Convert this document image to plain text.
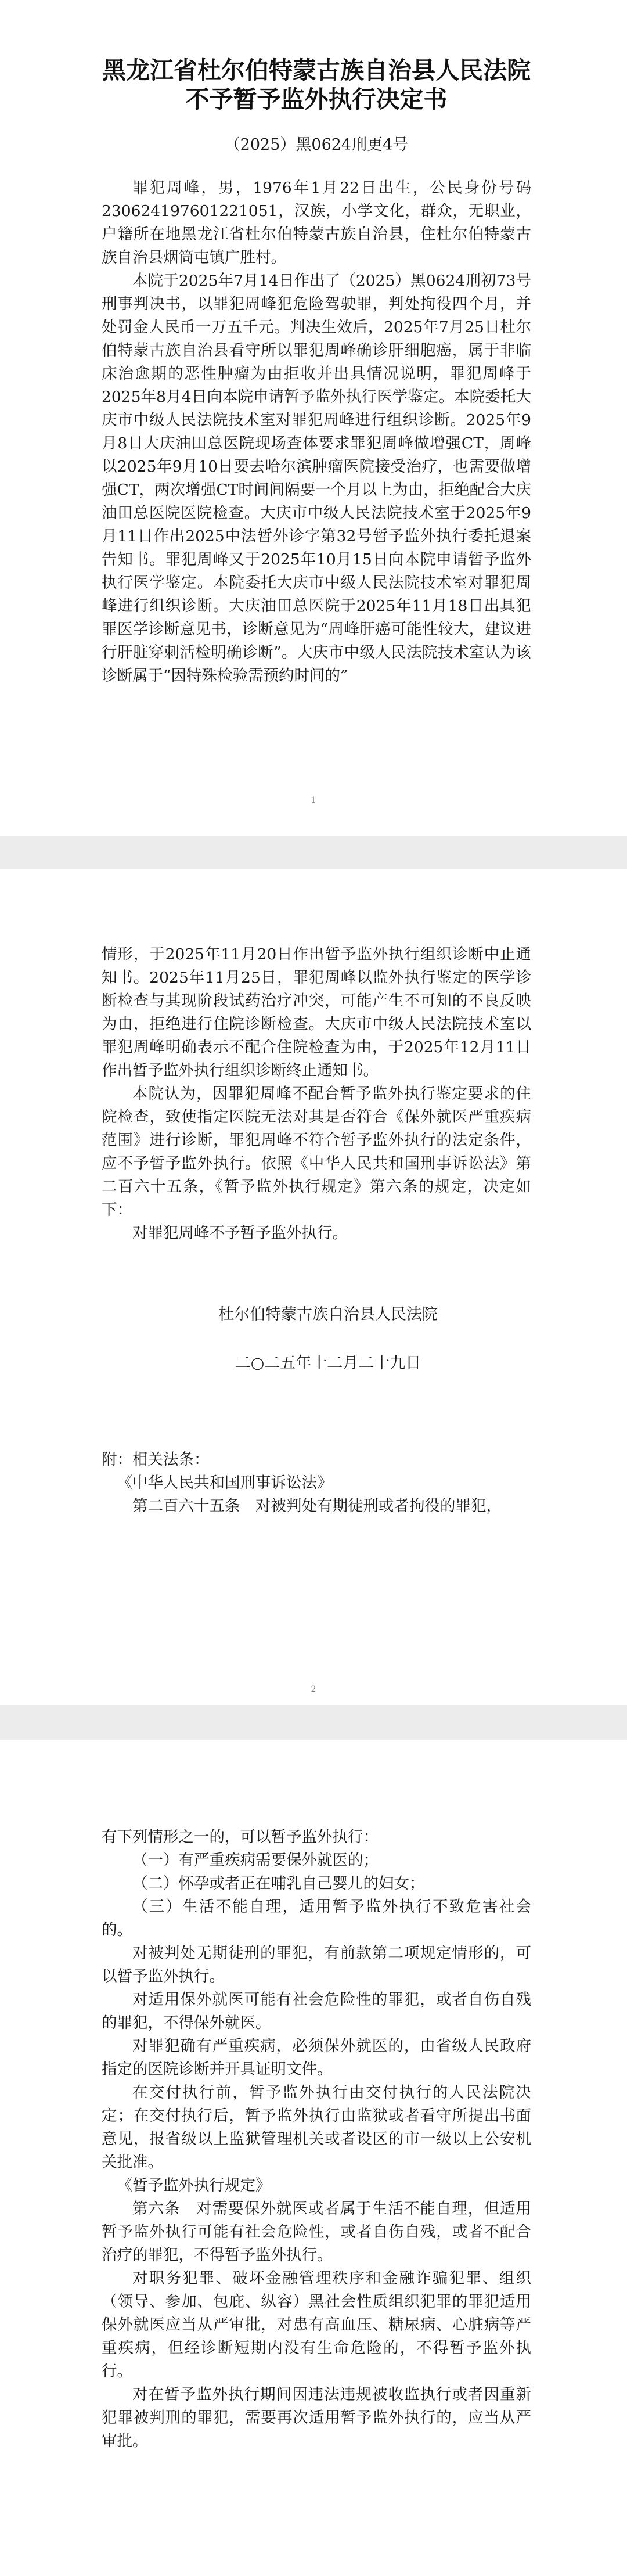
黑龙江省杜尔伯特蒙古族自治县人民法院
不予暂予监外执行决定书
（2025）黑0624刑更4号

罪犯周峰，男，1976年1月22日出生，公民身份号码230624197601221051，汉族，小学文化，群众，无职业，户籍所在地黑龙江省杜尔伯特蒙古族自治县，住杜尔伯特蒙古族自治县烟筒屯镇广胜村。

本院于2025年7月14日作出了（2025）黑0624刑初73号刑事判决书，以罪犯周峰犯危险驾驶罪，判处拘役四个月，并处罚金人民币一万五千元。判决生效后，2025年7月25日杜尔伯特蒙古族自治县看守所以罪犯周峰确诊肝细胞癌，属于非临床治愈期的恶性肿瘤为由拒收并出具情况说明，罪犯周峰于2025年8月4日向本院申请暂予监外执行医学鉴定。本院委托大庆市中级人民法院技术室对罪犯周峰进行组织诊断。2025年9月8日大庆油田总医院现场查体要求罪犯周峰做增强CT，周峰以2025年9月10日要去哈尔滨肿瘤医院接受治疗，也需要做增强CT，两次增强CT时间间隔要一个月以上为由，拒绝配合大庆油田总医院医院检查。大庆市中级人民法院技术室于2025年9月11日作出2025中法暂外诊字第32号暂予监外执行委托退案告知书。罪犯周峰又于2025年10月15日向本院申请暂予监外执行医学鉴定。本院委托大庆市中级人民法院技术室对罪犯周峰进行组织诊断。大庆油田总医院于2025年11月18日出具犯罪医学诊断意见书，诊断意见为“周峰肝癌可能性较大，建议进行肝脏穿刺活检明确诊断”。大庆市中级人民法院技术室认为该诊断属于“因特殊检验需预约时间的”

1

情形，于2025年11月20日作出暂予监外执行组织诊断中止通知书。2025年11月25日，罪犯周峰以监外执行鉴定的医学诊断检查与其现阶段试药治疗冲突，可能产生不可知的不良反映为由，拒绝进行住院诊断检查。大庆市中级人民法院技术室以罪犯周峰明确表示不配合住院检查为由，于2025年12月11日作出暂予监外执行组织诊断终止通知书。

本院认为，因罪犯周峰不配合暂予监外执行鉴定要求的住院检查，致使指定医院无法对其是否符合《保外就医严重疾病范围》进行诊断，罪犯周峰不符合暂予监外执行的法定条件，应不予暂予监外执行。依照《中华人民共和国刑事诉讼法》第二百六十五条，《暂予监外执行规定》第六条的规定，决定如下：

对罪犯周峰不予暂予监外执行。

杜尔伯特蒙古族自治县人民法院
二○二五年十二月二十九日
附：相关法条：

《中华人民共和国刑事诉讼法》

第二百六十五条　对被判处有期徒刑或者拘役的罪犯，

2

有下列情形之一的，可以暂予监外执行：

（一）有严重疾病需要保外就医的；

（二）怀孕或者正在哺乳自己婴儿的妇女；

（三）生活不能自理，适用暂予监外执行不致危害社会的。

对被判处无期徒刑的罪犯，有前款第二项规定情形的，可以暂予监外执行。

对适用保外就医可能有社会危险性的罪犯，或者自伤自残的罪犯，不得保外就医。

对罪犯确有严重疾病，必须保外就医的，由省级人民政府指定的医院诊断并开具证明文件。

在交付执行前，暂予监外执行由交付执行的人民法院决定；在交付执行后，暂予监外执行由监狱或者看守所提出书面意见，报省级以上监狱管理机关或者设区的市一级以上公安机关批准。

《暂予监外执行规定》

第六条　对需要保外就医或者属于生活不能自理，但适用暂予监外执行可能有社会危险性，或者自伤自残，或者不配合治疗的罪犯，不得暂予监外执行。

对职务犯罪、破坏金融管理秩序和金融诈骗犯罪、组织（领导、参加、包庇、纵容）黑社会性质组织犯罪的罪犯适用保外就医应当从严审批，对患有高血压、糖尿病、心脏病等严重疾病，但经诊断短期内没有生命危险的，不得暂予监外执行。

对在暂予监外执行期间因违法违规被收监执行或者因重新犯罪被判刑的罪犯，需要再次适用暂予监外执行的，应当从严审批。
